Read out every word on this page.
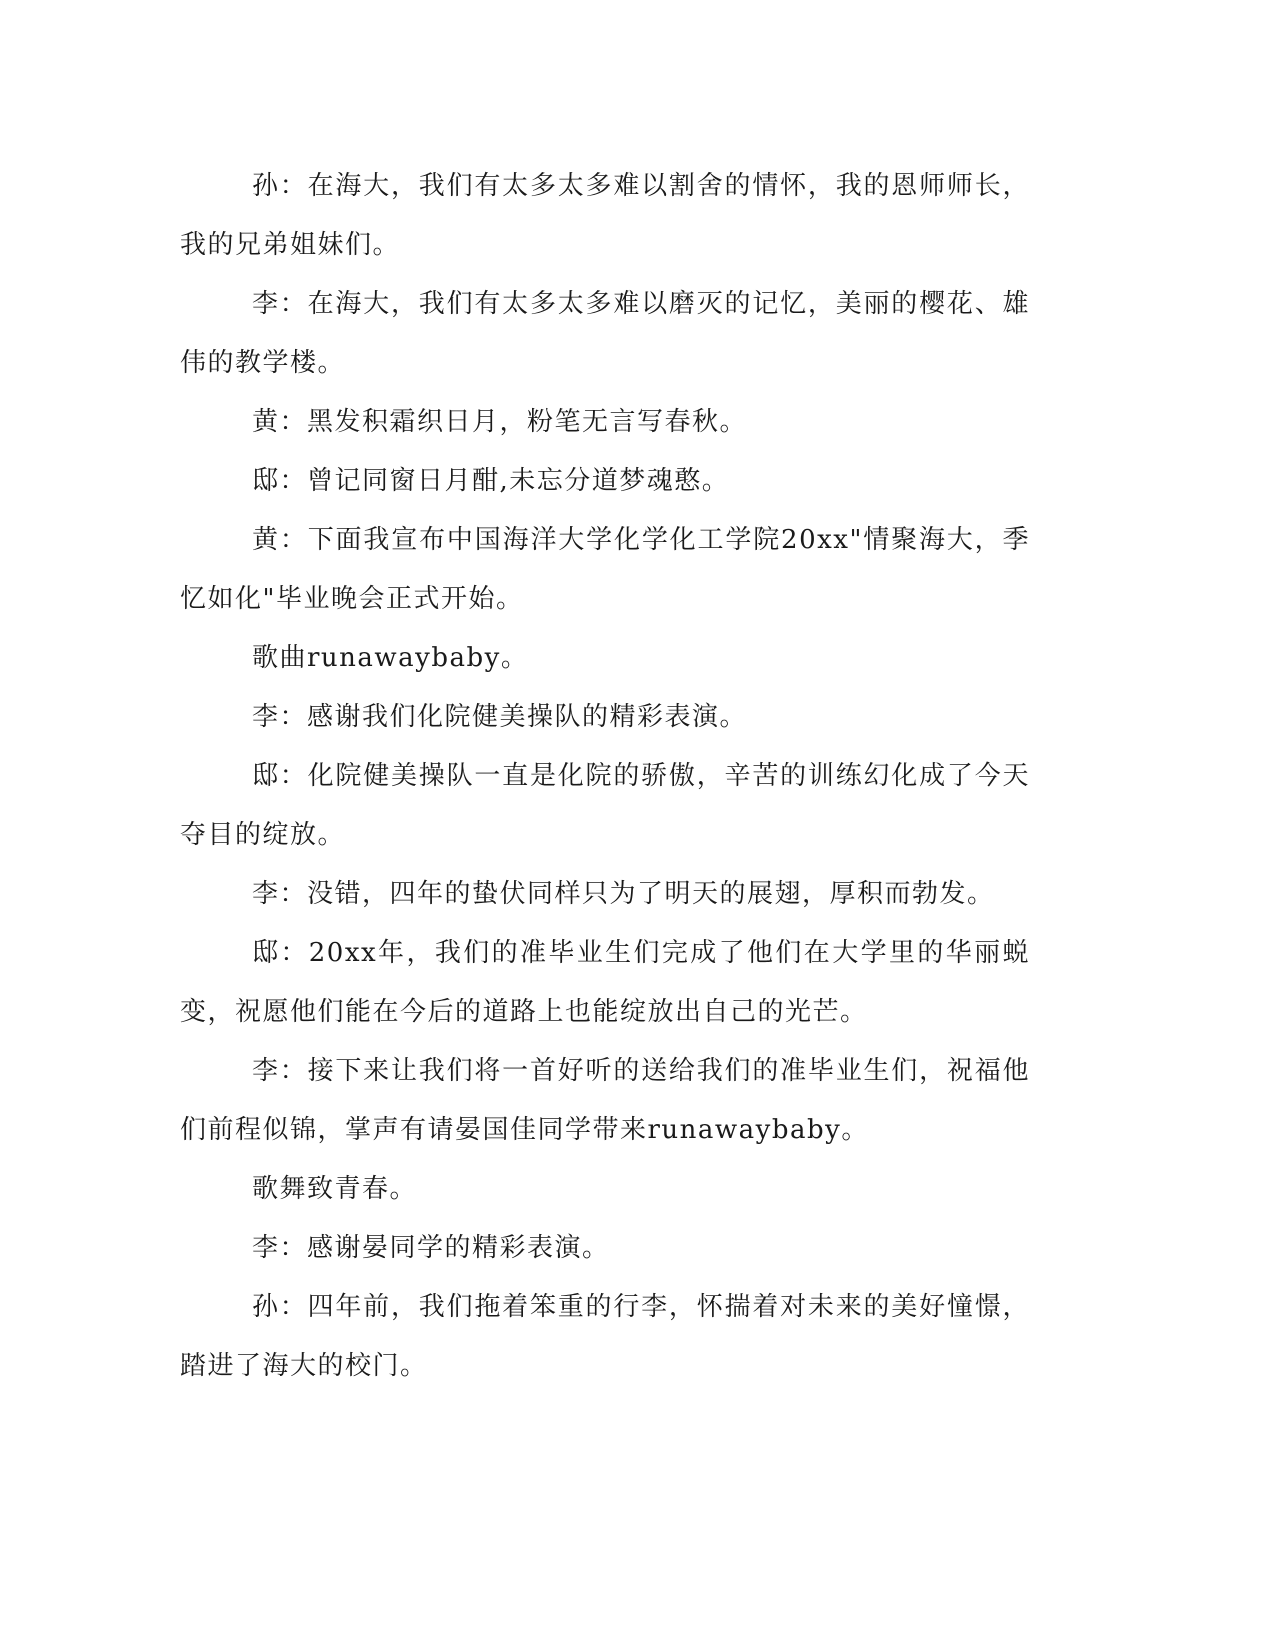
孙：在海大，我们有太多太多难以割舍的情怀，我的恩师师长，我的兄弟姐妹们。

李：在海大，我们有太多太多难以磨灭的记忆，美丽的樱花、雄伟的教学楼。

黄：黑发积霜织日月，粉笔无言写春秋。

邸：曾记同窗日月酣,未忘分道梦魂憨。

黄：下面我宣布中国海洋大学化学化工学院20xx"情聚海大，季忆如化"毕业晚会正式开始。

歌曲runawaybaby。

李：感谢我们化院健美操队的精彩表演。

邸：化院健美操队一直是化院的骄傲，辛苦的训练幻化成了今天夺目的绽放。

李：没错，四年的蛰伏同样只为了明天的展翅，厚积而勃发。

邸：20xx年，我们的准毕业生们完成了他们在大学里的华丽蜕变，祝愿他们能在今后的道路上也能绽放出自己的光芒。

李：接下来让我们将一首好听的送给我们的准毕业生们，祝福他们前程似锦，掌声有请晏国佳同学带来runawaybaby。

歌舞致青春。

李：感谢晏同学的精彩表演。

孙：四年前，我们拖着笨重的行李，怀揣着对未来的美好憧憬，踏进了海大的校门。
